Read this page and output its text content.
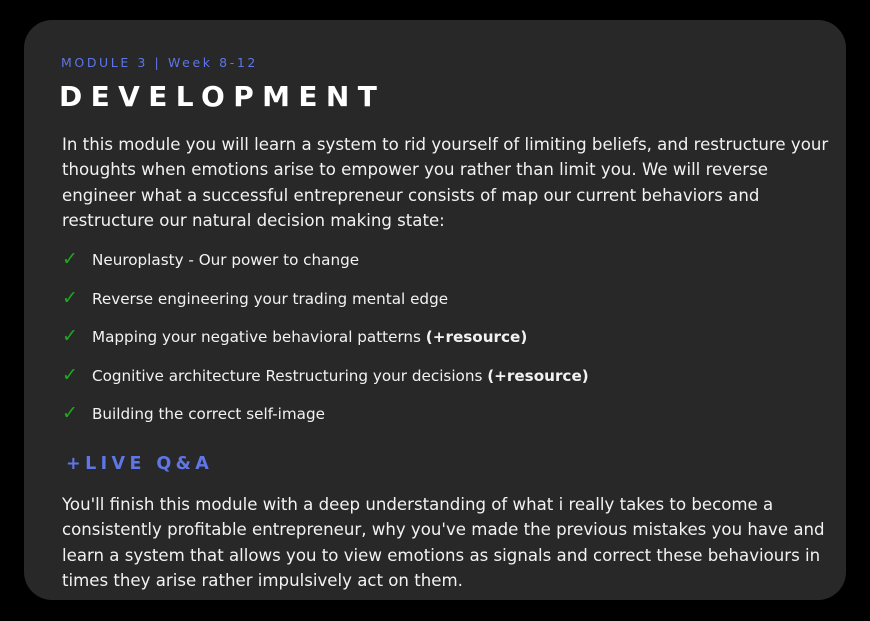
MODULE 3 | Week 8-12
DEVELOPMENT

In this module you will learn a system to rid yourself of limiting beliefs, and restructure your thoughts when emotions arise to empower you rather than limit you. We will reverse engineer what a successful entrepreneur consists of map our current behaviors and restructure our natural decision making state:

✓ Neuroplasty - Our power to change
✓ Reverse engineering your trading mental edge
✓ Mapping your negative behavioral patterns (+resource)
✓ Cognitive architecture Restructuring your decisions (+resource)
✓ Building the correct self-image
+LIVE Q&A

You'll finish this module with a deep understanding of what i really takes to become a consistently profitable entrepreneur, why you've made the previous mistakes you have and learn a system that allows you to view emotions as signals and correct these behaviours in times they arise rather impulsively act on them.
